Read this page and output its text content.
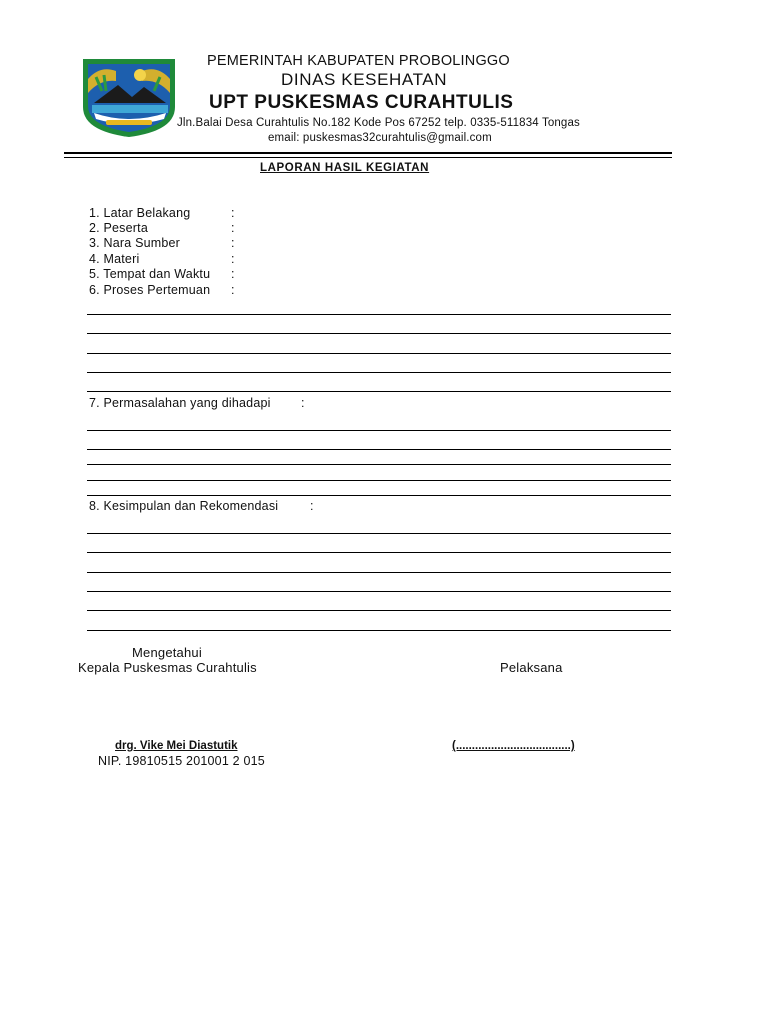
PEMERINTAH KABUPATEN PROBOLINGGO
DINAS KESEHATAN
UPT PUSKESMAS CURAHTULIS
Jln.Balai Desa Curahtulis No.182 Kode Pos 67252 telp. 0335-511834 Tongas
email: puskesmas32curahtulis@gmail.com
LAPORAN HASIL KEGIATAN
1. Latar Belakang	:
2. Peserta	:
3. Nara Sumber	:
4. Materi	:
5. Tempat dan Waktu :
6. Proses Pertemuan :
7. Permasalahan yang dihadapi :
8. Kesimpulan dan Rekomendasi	:
Mengetahui
Kepala Puskesmas Curahtulis	Pelaksana
drg. Vike Mei Diastutik	(....................................)
NIP. 19810515 201001 2 015
